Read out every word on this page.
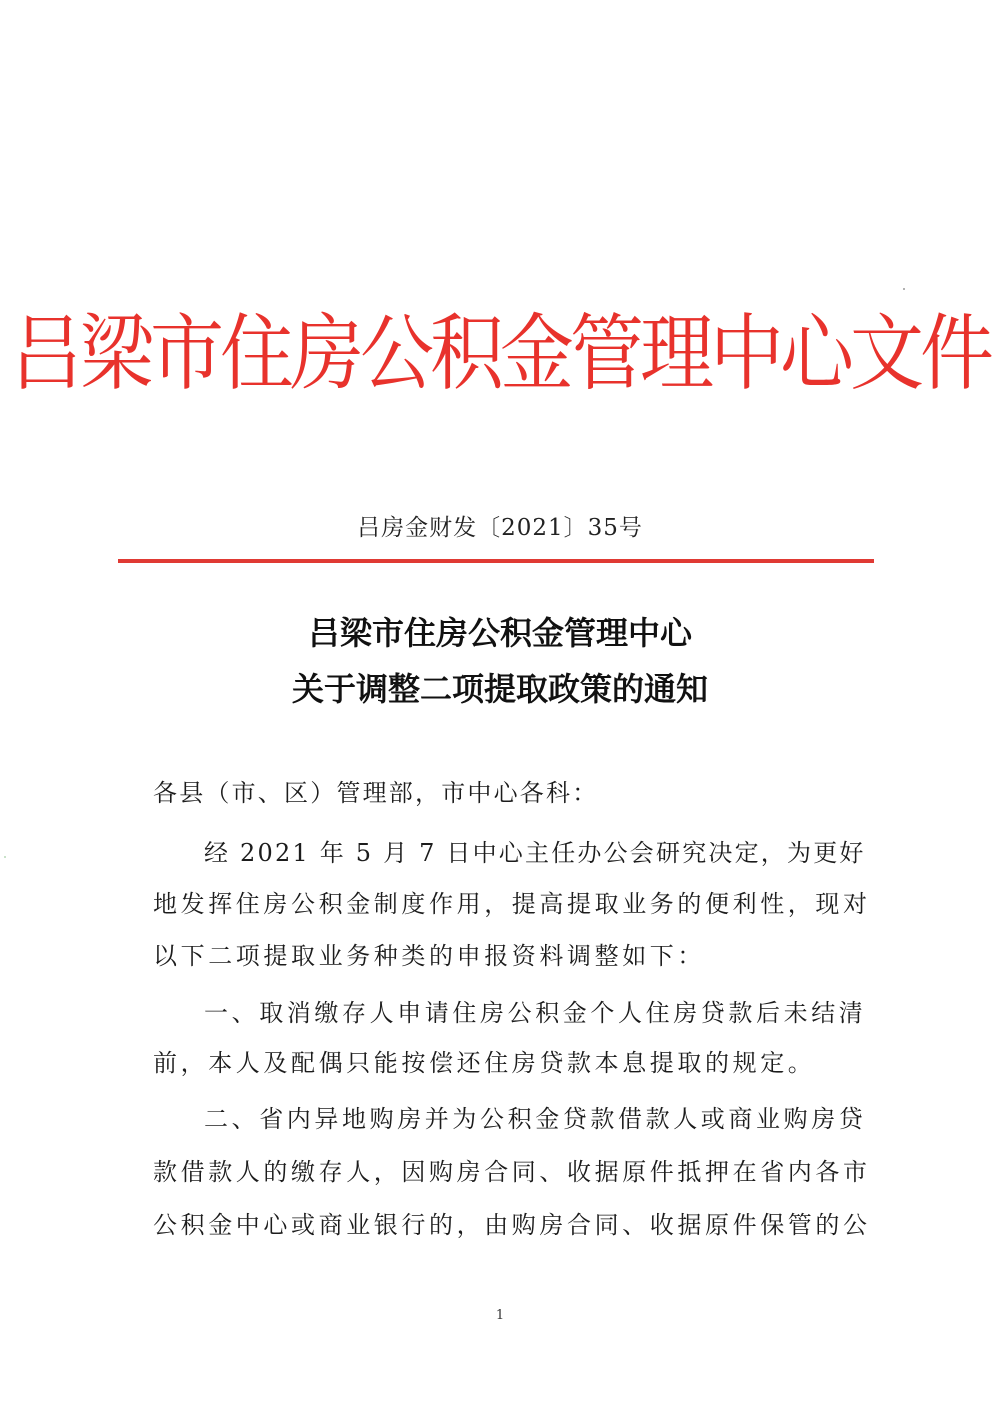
吕梁市住房公积金管理中心文件
吕房金财发〔2021〕35号
吕梁市住房公积金管理中心
关于调整二项提取政策的通知
各县（市、区）管理部，市中心各科：
经 2021 年 5 月 7 日中心主任办公会研究决定，为更好
地发挥住房公积金制度作用，提高提取业务的便利性，现对
以下二项提取业务种类的申报资料调整如下：
一、取消缴存人申请住房公积金个人住房贷款后未结清
前，本人及配偶只能按偿还住房贷款本息提取的规定。
二、省内异地购房并为公积金贷款借款人或商业购房贷
款借款人的缴存人，因购房合同、收据原件抵押在省内各市
公积金中心或商业银行的，由购房合同、收据原件保管的公
1
